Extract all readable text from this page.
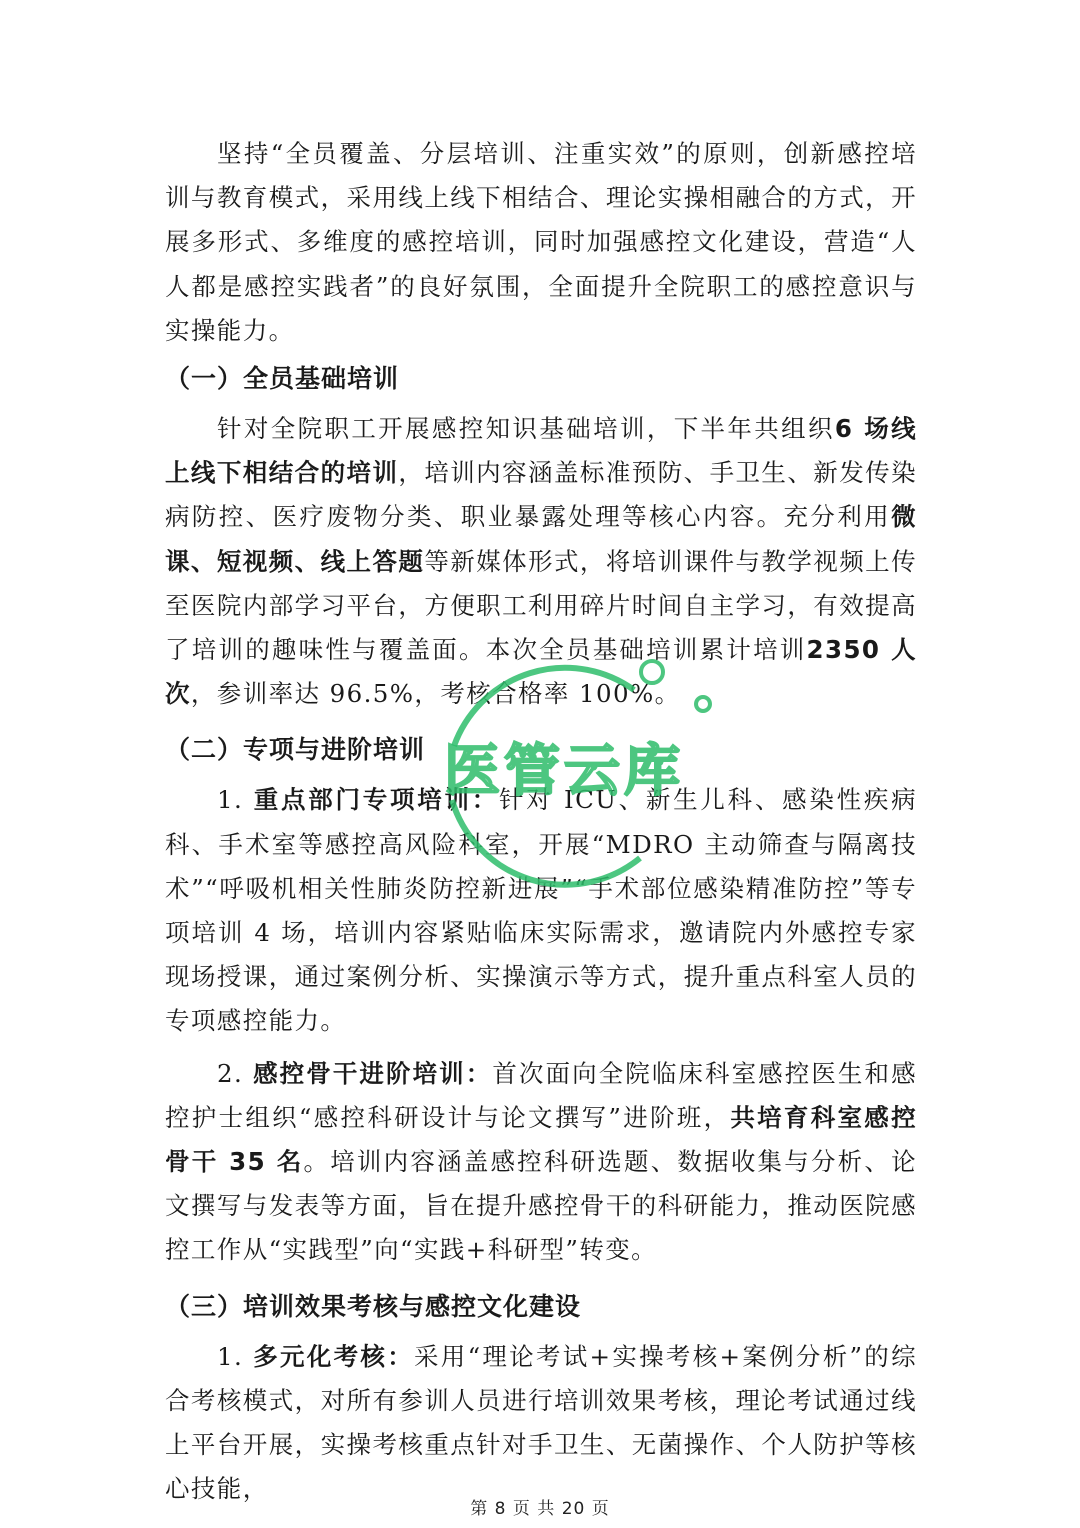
坚持“全员覆盖、分层培训、注重实效”的原则，创新感控培训与教育模式，采用线上线下相结合、理论实操相融合的方式，开展多形式、多维度的感控培训，同时加强感控文化建设，营造“人人都是感控实践者”的良好氛围，全面提升全院职工的感控意识与实操能力。

（一）全员基础培训

针对全院职工开展感控知识基础培训，下半年共组织6 场线上线下相结合的培训，培训内容涵盖标准预防、手卫生、新发传染病防控、医疗废物分类、职业暴露处理等核心内容。充分利用微课、短视频、线上答题等新媒体形式，将培训课件与教学视频上传至医院内部学习平台，方便职工利用碎片时间自主学习，有效提高了培训的趣味性与覆盖面。本次全员基础培训累计培训2350 人次，参训率达 96.5%，考核合格率 100%。

（二）专项与进阶培训

1. 重点部门专项培训：针对 ICU、新生儿科、感染性疾病科、手术室等感控高风险科室，开展“MDRO 主动筛查与隔离技术”“呼吸机相关性肺炎防控新进展”“手术部位感染精准防控”等专项培训 4 场，培训内容紧贴临床实际需求，邀请院内外感控专家现场授课，通过案例分析、实操演示等方式，提升重点科室人员的专项感控能力。

2. 感控骨干进阶培训：首次面向全院临床科室感控医生和感控护士组织“感控科研设计与论文撰写”进阶班，共培育科室感控骨干 35 名。培训内容涵盖感控科研选题、数据收集与分析、论文撰写与发表等方面，旨在提升感控骨干的科研能力，推动医院感控工作从“实践型”向“实践+科研型”转变。

（三）培训效果考核与感控文化建设

1. 多元化考核：采用“理论考试+实操考核+案例分析”的综合考核模式，对所有参训人员进行培训效果考核，理论考试通过线上平台开展，实操考核重点针对手卫生、无菌操作、个人防护等核心技能，

医管云库
第 8 页 共 20 页
